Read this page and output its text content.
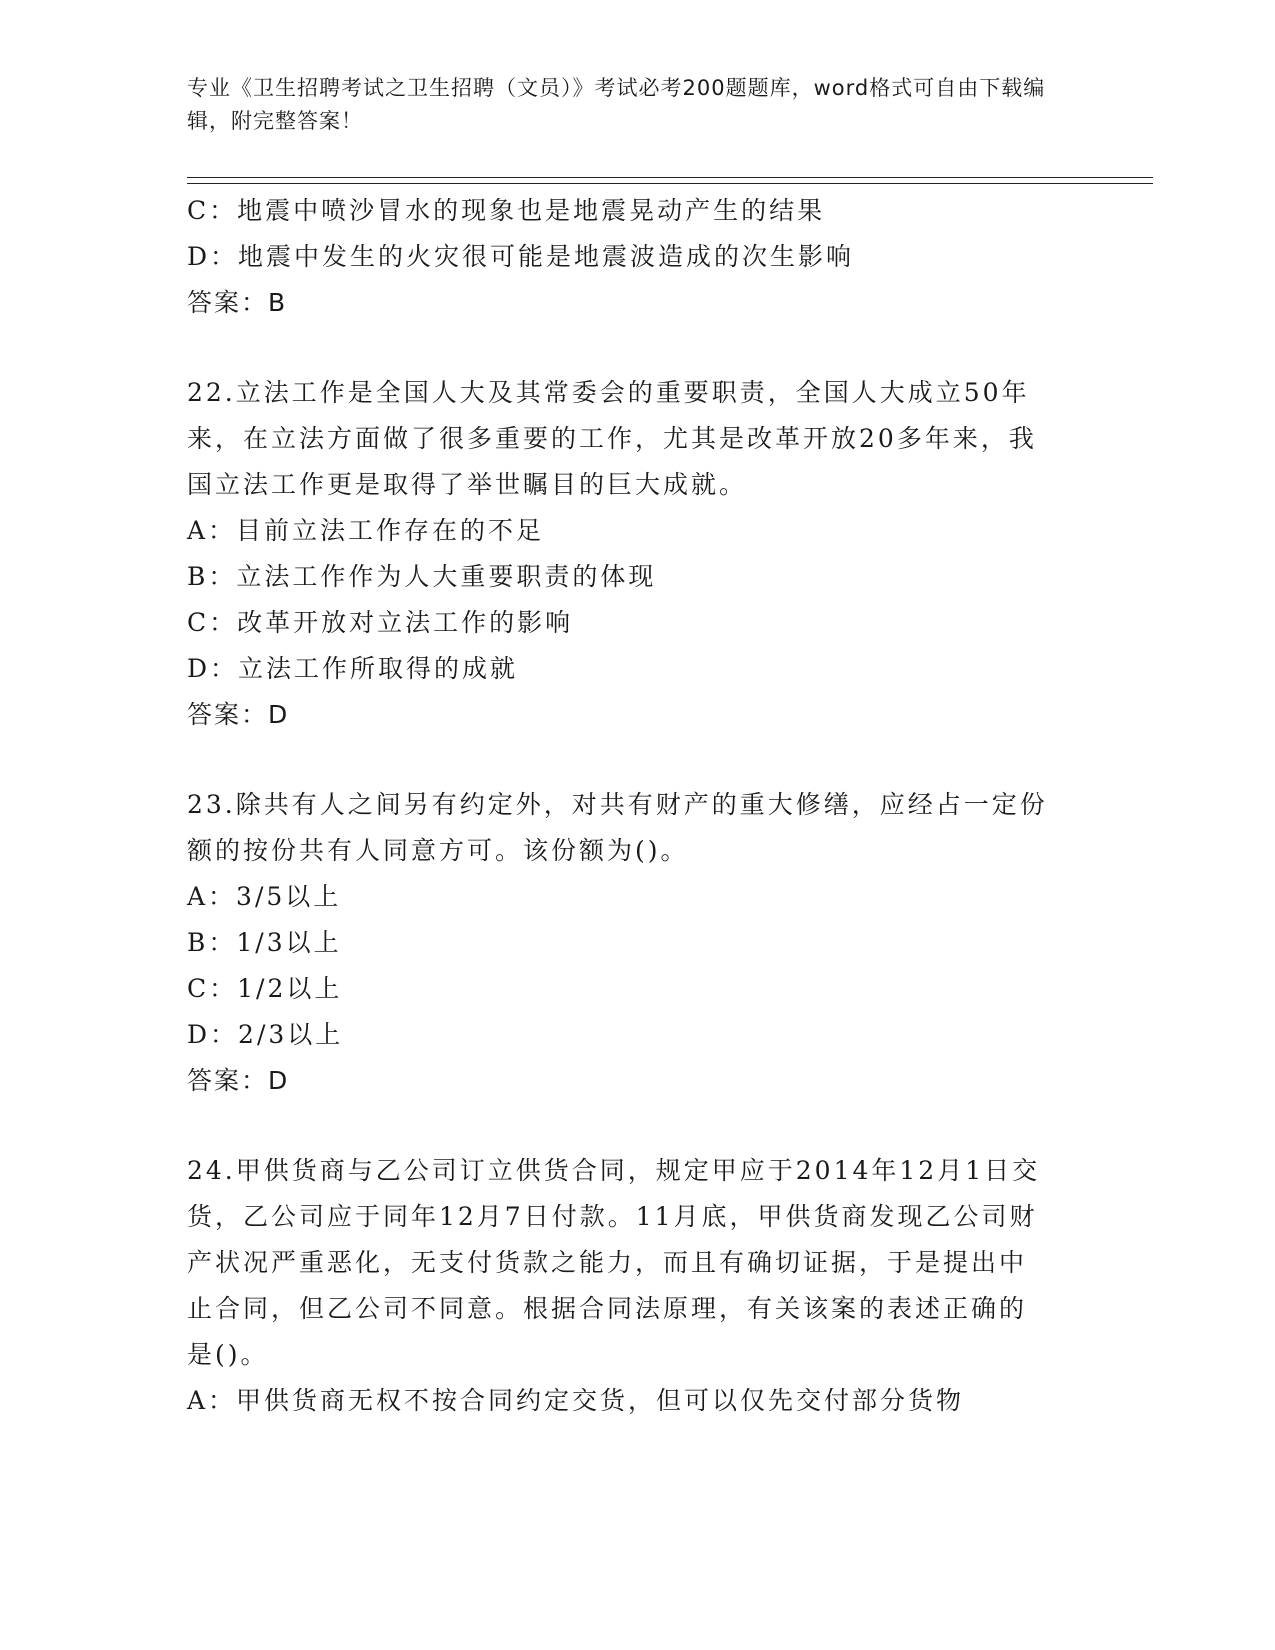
专业《卫生招聘考试之卫生招聘（文员）》考试必考200题题库，word格式可自由下载编辑，附完整答案！
C：地震中喷沙冒水的现象也是地震晃动产生的结果
D：地震中发生的火灾很可能是地震波造成的次生影响
答案：B
22.立法工作是全国人大及其常委会的重要职责，全国人大成立50年
来，在立法方面做了很多重要的工作，尤其是改革开放20多年来，我
国立法工作更是取得了举世瞩目的巨大成就。
A：目前立法工作存在的不足
B：立法工作作为人大重要职责的体现
C：改革开放对立法工作的影响
D：立法工作所取得的成就
答案：D
23.除共有人之间另有约定外，对共有财产的重大修缮，应经占一定份
额的按份共有人同意方可。该份额为()。
A：3/5以上
B：1/3以上
C：1/2以上
D：2/3以上
答案：D
24.甲供货商与乙公司订立供货合同，规定甲应于2014年12月1日交
货，乙公司应于同年12月7日付款。11月底，甲供货商发现乙公司财
产状况严重恶化，无支付货款之能力，而且有确切证据，于是提出中
止合同，但乙公司不同意。根据合同法原理，有关该案的表述正确的
是()。
A：甲供货商无权不按合同约定交货，但可以仅先交付部分货物
